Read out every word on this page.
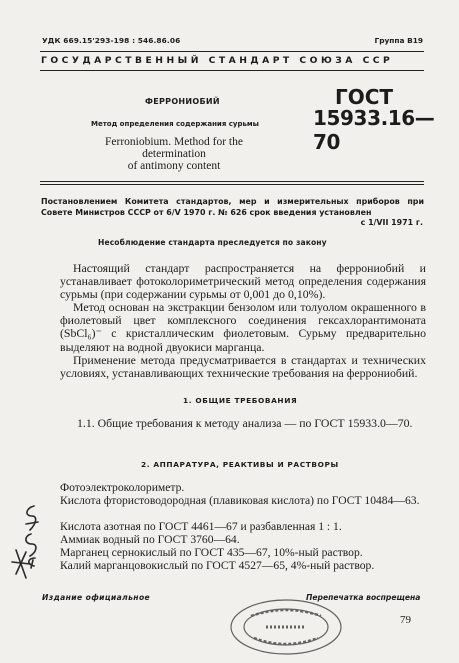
УДК 669.15'293-198 : 546.86.06	Группа В19
ГОСУДАРСТВЕННЫЙ СТАНДАРТ СОЮЗА ССР
ФЕРРОНИОБИЙ
Метод определения содержания сурьмы
Ferroniobium. Method for the determination
of antimony content
ГОСТ
15933.16—70
Постановлением Комитета стандартов, мер и измерительных приборов при Совете Министров СССР от 6/V 1970 г. № 626 срок введения установлен
с 1/VII 1971 г.
Несоблюдение стандарта преследуется по закону
Настоящий стандарт распространяется на феррониобий и устанавливает фотоколориметрический метод определения содержания сурьмы (при содержании сурьмы от 0,001 до 0,10%).
Метод основан на экстракции бензолом или толуолом окрашенного в фиолетовый цвет комплексного соединения гексахлорантимоната (SbCl₆)⁻ с кристаллическим фиолетовым. Сурьму предварительно выделяют на водной двуокиси марганца.
Применение метода предусматривается в стандартах и технических условиях, устанавливающих технические требования на феррониобий.
1. ОБЩИЕ ТРЕБОВАНИЯ
1.1. Общие требования к методу анализа — по ГОСТ 15933.0—70.
2. АППАРАТУРА, РЕАКТИВЫ И РАСТВОРЫ
Фотоэлектроколориметр.
Кислота фтористоводородная (плавиковая кислота) по ГОСТ 10484—63.
Кислота азотная по ГОСТ 4461—67 и разбавленная 1 : 1.
Аммиак водный по ГОСТ 3760—64.
Марганец сернокислый по ГОСТ 435—67, 10%-ный раствор.
Калий марганцовокислый по ГОСТ 4527—65, 4%-ный раствор.
Издание официальное	Перепечатка воспрещена
79
